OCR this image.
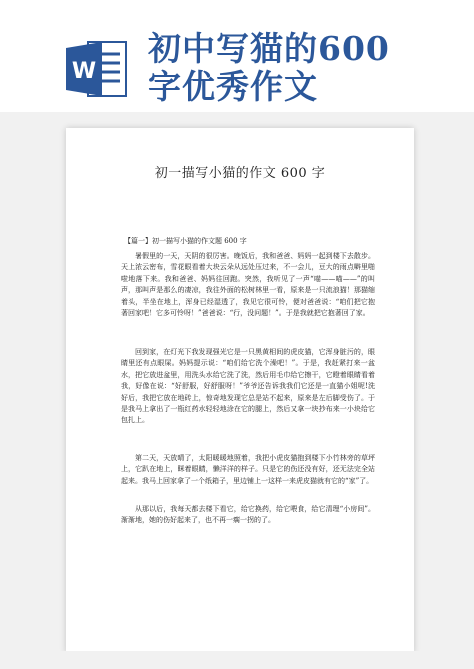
W
初中写猫的600
字优秀作文
初一描写小猫的作文 600 字
【篇一】初一描写小猫的作文题 600 字

暑假里的一天，天阴的很厉害。晚饭后，我和爸爸、妈妈一起到楼下去散步。天上浓云密布，雪花眼看着大块云朵从远处压过来，不一会儿，豆大的雨点噼里啪啦地落下来。我和爸爸、妈妈往回跑。突然，我听见了一声“喵——喵——”的叫声，那叫声是那么的凄凉，我往外面的松树林里一看，原来是一只流浪猫！那猫缩着头，半坐在地上，浑身已经湿透了，我见它很可怜，便对爸爸说：“咱们把它抱著回家吧！它多可怜呀！”爸爸说：“行，没问题！”。于是我就把它抱著回了家。

回到家，在灯光下我发现强光它是一只黑黄相间的虎皮猫，它浑身脏污的，眼睛里还有点眼屎。妈妈提示说：“咱们给它洗个澡吧！”。于是，我赶紧打来一盆水，把它放进盆里，用洗头水给它洗了洗，然后用毛巾给它擦干，它瞪着眼睛看着我，好像在说：“好舒服，好舒服呀！”爷爷还告诉我我们它还是一直猫小姐呢!洗好后，我把它放在地砖上，惊奇地发现它总是站不起来，原来是左后脚受伤了。于是我马上拿出了一瓶红药水轻轻地涂在它的腿上，然后又拿一块抄布来一小块给它包扎上。

第二天，天放晴了，太阳暖暖地照着，我把小虎皮猫抱到楼下小竹林旁的草坪上，它趴在地上，眯着眼睛，懒洋洋的样子。只是它的伤还没有好，还无法完全站起来。我马上回家拿了一个纸箱子，里边铺上一这样一来虎皮猫就有它的“家”了。

从那以后，我每天都去楼下看它，给它换药，给它喂食，给它清理“小房间”。渐渐地，她的伤好起来了，也不再一瘸一拐的了。
